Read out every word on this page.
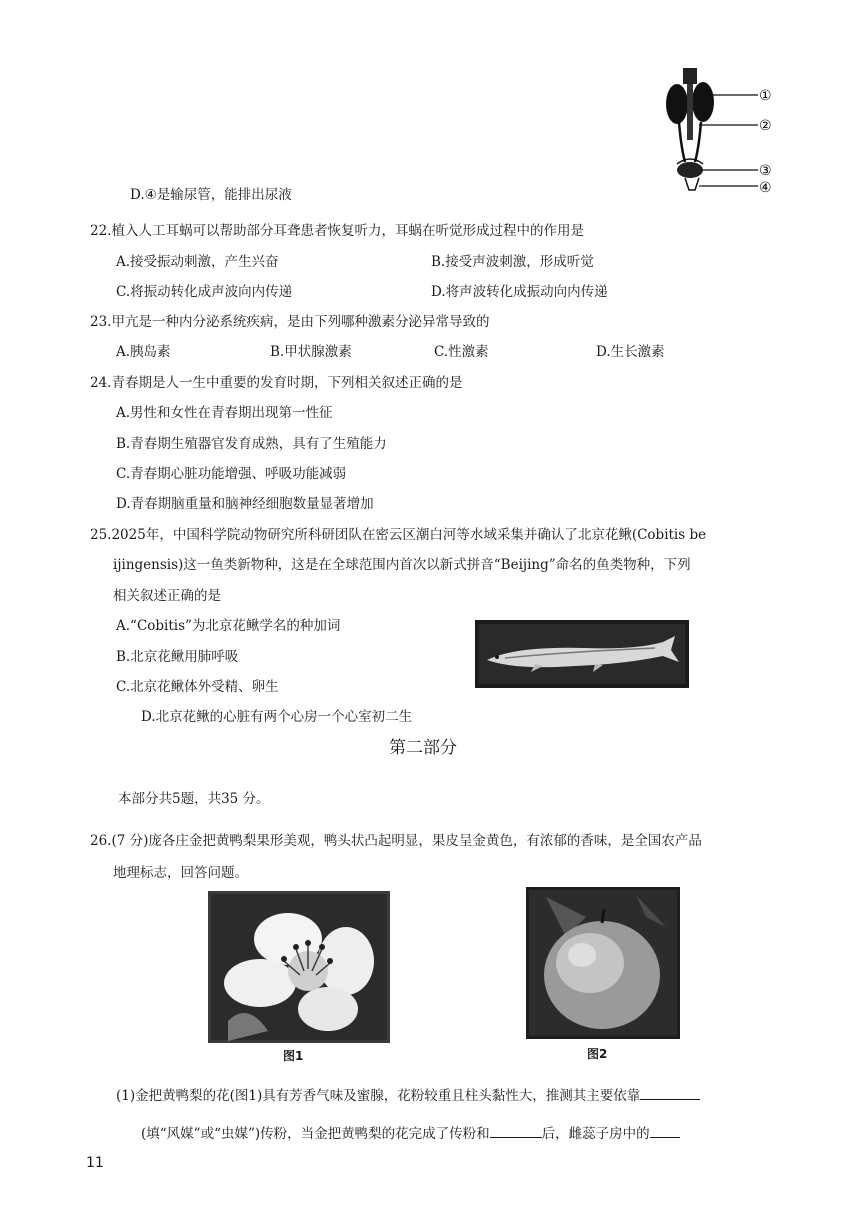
D.④是输尿管，能排出尿液
①
②
③
④
22.植入人工耳蜗可以帮助部分耳聋患者恢复听力，耳蜗在听觉形成过程中的作用是
A.接受振动刺激，产生兴奋	B.接受声波刺激，形成听觉
C.将振动转化成声波向内传递	D.将声波转化成振动向内传递
23.甲亢是一种内分泌系统疾病，是由下列哪种激素分泌异常导致的
A.胰岛素	B.甲状腺激素	C.性激素	D.生长激素
24.青春期是人一生中重要的发育时期，下列相关叙述正确的是
A.男性和女性在青春期出现第一性征
B.青春期生殖器官发育成熟，具有了生殖能力
C.青春期心脏功能增强、呼吸功能减弱
D.青春期脑重量和脑神经细胞数量显著增加
25.2025年，中国科学院动物研究所科研团队在密云区潮白河等水域采集并确认了北京花鳅(Cobitis be
ijingensis)这一鱼类新物种，这是在全球范围内首次以新式拼音“Beijing”命名的鱼类物种，下列
相关叙述正确的是
A.“Cobitis”为北京花鳅学名的种加词
B.北京花鳅用肺呼吸
C.北京花鳅体外受精、卵生
D.北京花鳅的心脏有两个心房一个心室初二生
第二部分
本部分共5题，共35 分。
26.(7 分)庞各庄金把黄鸭梨果形美观，鸭头状凸起明显，果皮呈金黄色，有浓郁的香味，是全国农产品
地理标志，回答问题。
图1	图2
(1)金把黄鸭梨的花(图1)具有芳香气味及蜜腺，花粉较重且柱头黏性大，推测其主要依靠
(填“风媒”或“虫媒”)传粉，当金把黄鸭梨的花完成了传粉和	后，雌蕊子房中的
11
